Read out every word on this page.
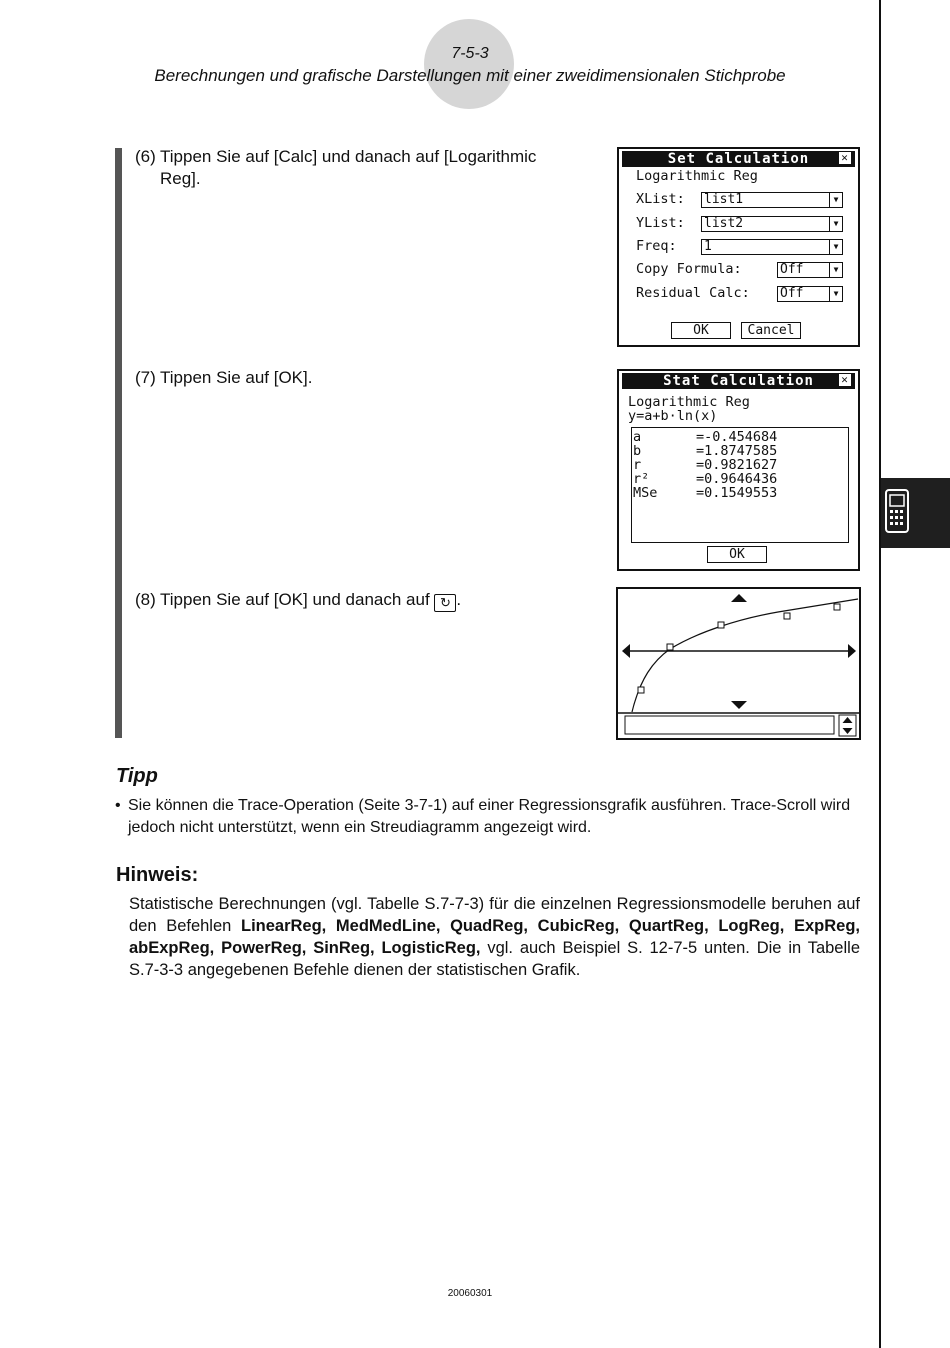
7-5-3
Berechnungen und grafische Darstellungen mit einer zweidimensionalen Stichprobe
(6) Tippen Sie auf [Calc] und danach auf [Logarithmic Reg].
(7) Tippen Sie auf [OK].
(8) Tippen Sie auf [OK] und danach auf ↻ .
Set Calculation	✕
Logarithmic Reg
XList: list1	▼
YList: list2	▼
Freq: 1	▼
Copy Formula:	Off	▼
Residual Calc: Off	▼
OK	Cancel
Stat Calculation ✕
Logarithmic Reg
y=a+b·ln(x)
a	=-0.454684
b	=1.8747585
r	=0.9821627
r²	=0.9646436
MSe	=0.1549553
OK
Tipp
• Sie können die Trace-Operation (Seite 3-7-1) auf einer Regressionsgrafik ausführen. Trace-Scroll wird jedoch nicht unterstützt, wenn ein Streudiagramm angezeigt wird.
Hinweis:
Statistische Berechnungen (vgl. Tabelle S.7-7-3) für die einzelnen Regressionsmodelle beruhen auf den Befehlen LinearReg, MedMedLine, QuadReg, CubicReg, QuartReg, LogReg, ExpReg, abExpReg, PowerReg, SinReg, LogisticReg, vgl. auch Beispiel S. 12-7-5 unten. Die in Tabelle S.7-3-3 angegebenen Befehle dienen der statistischen Grafik.
20060301
